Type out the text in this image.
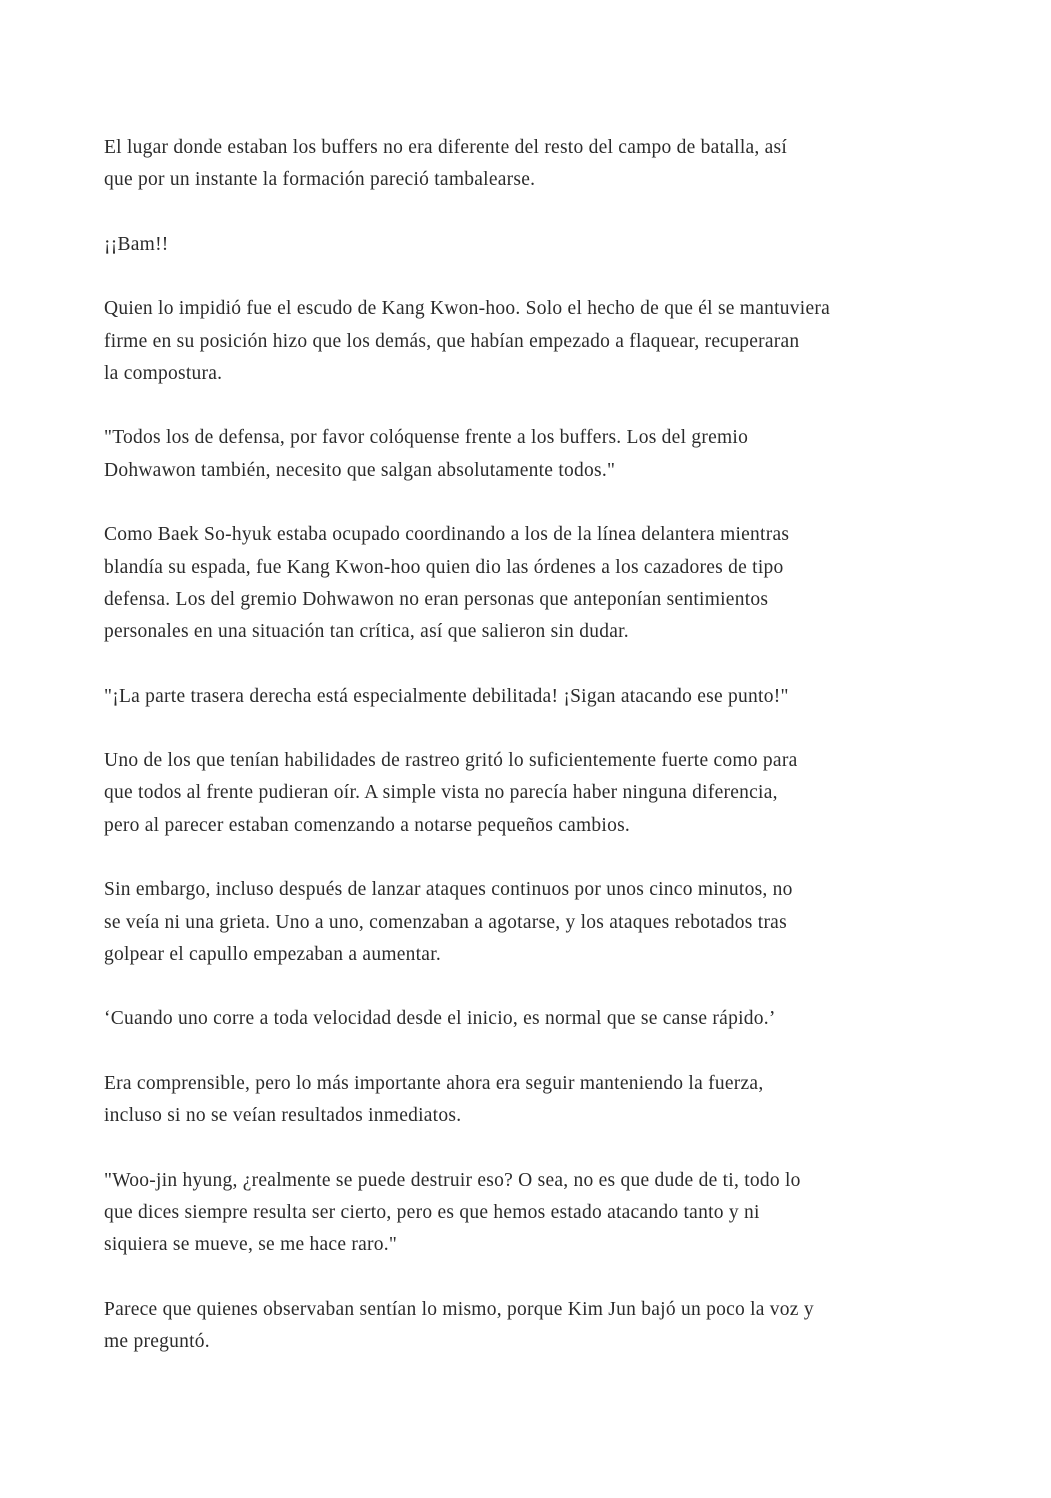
El lugar donde estaban los buffers no era diferente del resto del campo de batalla, así
que por un instante la formación pareció tambalearse.

¡¡Bam!!

Quien lo impidió fue el escudo de Kang Kwon-hoo. Solo el hecho de que él se mantuviera
firme en su posición hizo que los demás, que habían empezado a flaquear, recuperaran
la compostura.

"Todos los de defensa, por favor colóquense frente a los buffers. Los del gremio
Dohwawon también, necesito que salgan absolutamente todos."

Como Baek So-hyuk estaba ocupado coordinando a los de la línea delantera mientras
blandía su espada, fue Kang Kwon-hoo quien dio las órdenes a los cazadores de tipo
defensa. Los del gremio Dohwawon no eran personas que anteponían sentimientos
personales en una situación tan crítica, así que salieron sin dudar.

"¡La parte trasera derecha está especialmente debilitada! ¡Sigan atacando ese punto!"

Uno de los que tenían habilidades de rastreo gritó lo suficientemente fuerte como para
que todos al frente pudieran oír. A simple vista no parecía haber ninguna diferencia,
pero al parecer estaban comenzando a notarse pequeños cambios.

Sin embargo, incluso después de lanzar ataques continuos por unos cinco minutos, no
se veía ni una grieta. Uno a uno, comenzaban a agotarse, y los ataques rebotados tras
golpear el capullo empezaban a aumentar.

‘Cuando uno corre a toda velocidad desde el inicio, es normal que se canse rápido.’

Era comprensible, pero lo más importante ahora era seguir manteniendo la fuerza,
incluso si no se veían resultados inmediatos.

"Woo-jin hyung, ¿realmente se puede destruir eso? O sea, no es que dude de ti, todo lo
que dices siempre resulta ser cierto, pero es que hemos estado atacando tanto y ni
siquiera se mueve, se me hace raro."

Parece que quienes observaban sentían lo mismo, porque Kim Jun bajó un poco la voz y
me preguntó.
